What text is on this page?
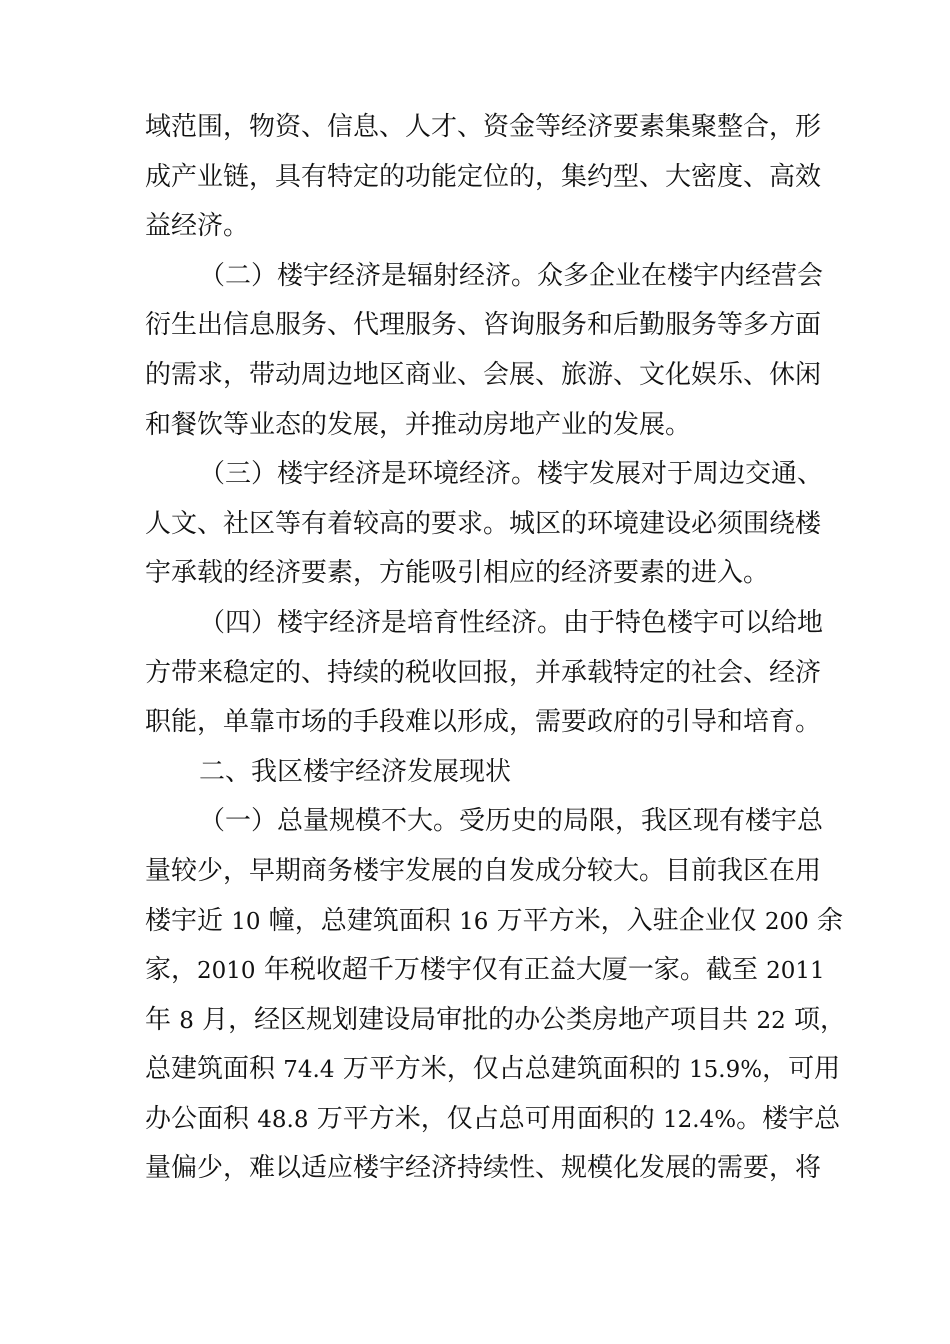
域范围，物资、信息、人才、资金等经济要素集聚整合，形
成产业链，具有特定的功能定位的，集约型、大密度、高效
益经济。
（二）楼宇经济是辐射经济。众多企业在楼宇内经营会
衍生出信息服务、代理服务、咨询服务和后勤服务等多方面
的需求，带动周边地区商业、会展、旅游、文化娱乐、休闲
和餐饮等业态的发展，并推动房地产业的发展。
（三）楼宇经济是环境经济。楼宇发展对于周边交通、
人文、社区等有着较高的要求。城区的环境建设必须围绕楼
宇承载的经济要素，方能吸引相应的经济要素的进入。
（四）楼宇经济是培育性经济。由于特色楼宇可以给地
方带来稳定的、持续的税收回报，并承载特定的社会、经济
职能，单靠市场的手段难以形成，需要政府的引导和培育。
二、我区楼宇经济发展现状
（一）总量规模不大。受历史的局限，我区现有楼宇总
量较少，早期商务楼宇发展的自发成分较大。目前我区在用
楼宇近 10 幢，总建筑面积 16 万平方米，入驻企业仅 200 余
家，2010 年税收超千万楼宇仅有正益大厦一家。截至 2011
年 8 月，经区规划建设局审批的办公类房地产项目共 22 项，
总建筑面积 74.4 万平方米，仅占总建筑面积的 15.9%，可用
办公面积 48.8 万平方米，仅占总可用面积的 12.4%。楼宇总
量偏少，难以适应楼宇经济持续性、规模化发展的需要，将
